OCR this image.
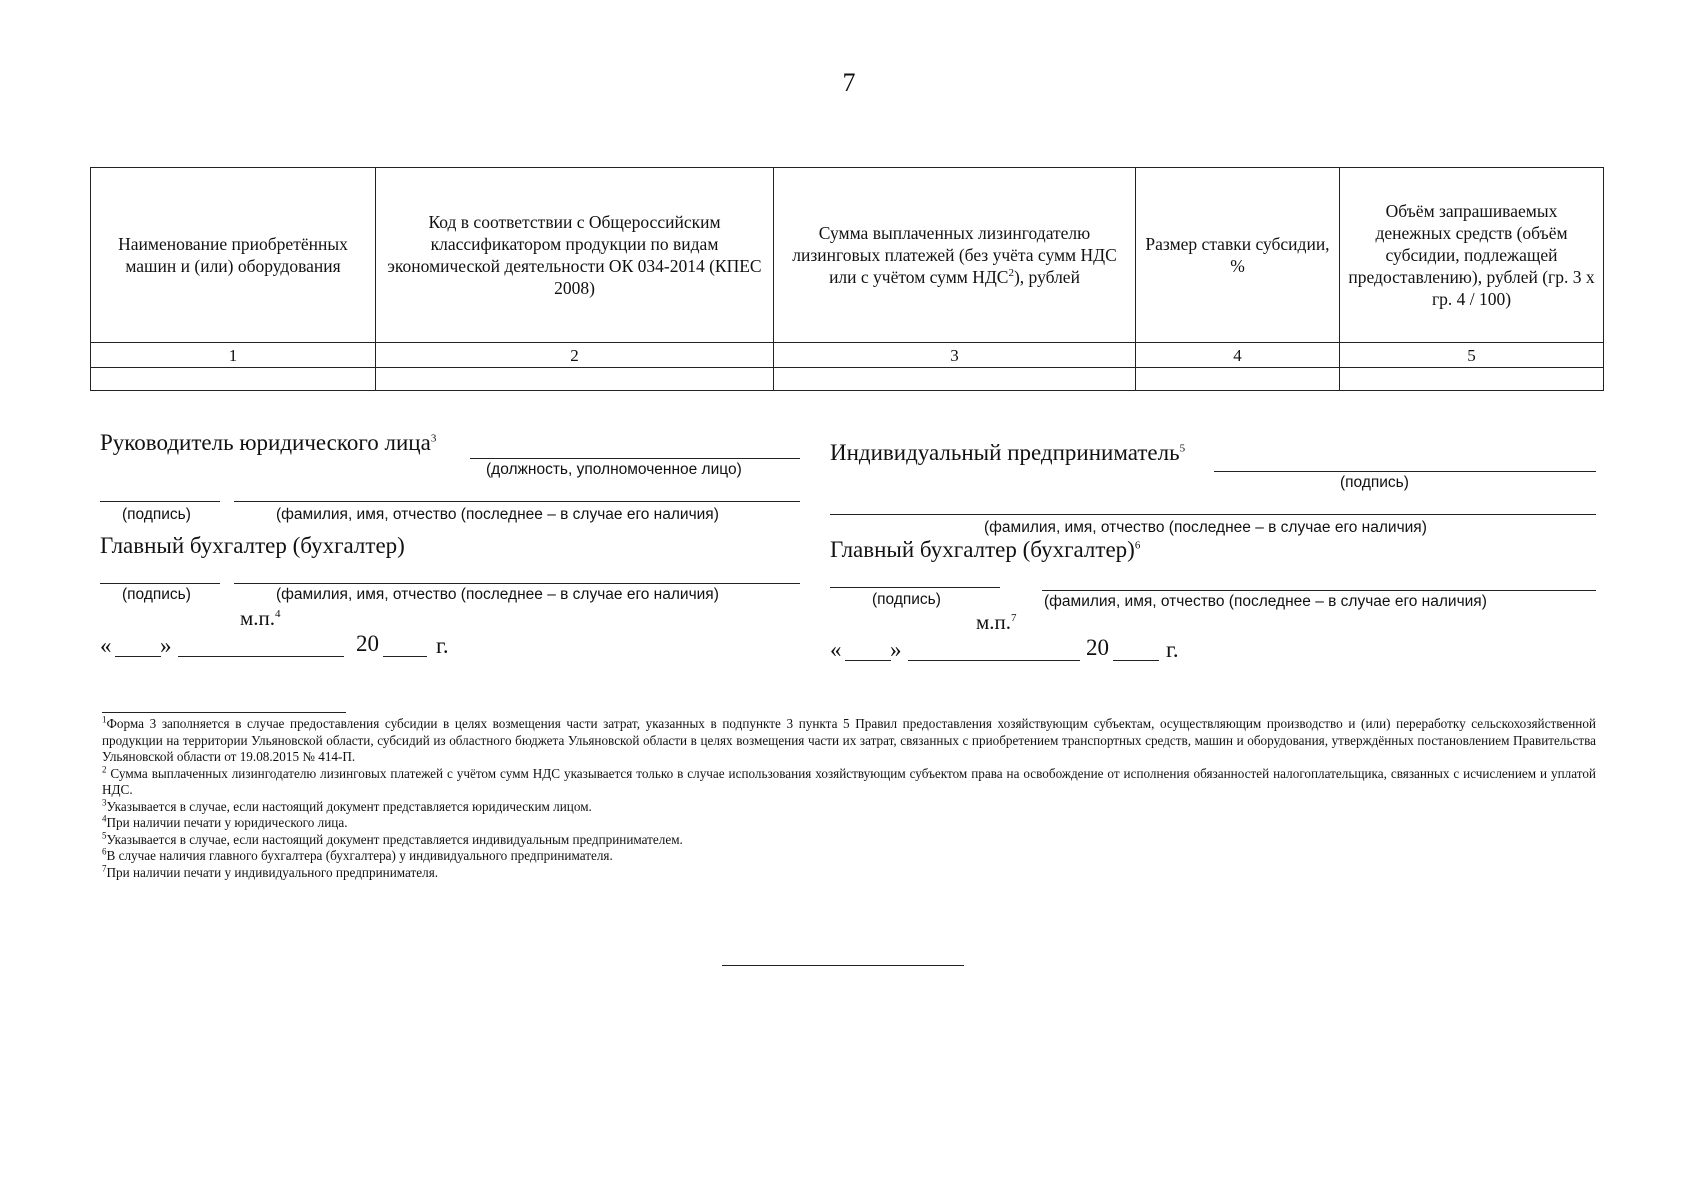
7
Наименование приобретённых машин и (или) оборудования	Код в соответствии с Общероссийским классификатором продукции по видам экономической деятельности ОК 034-2014 (КПЕС 2008)	Сумма выплаченных лизингодателю лизинговых платежей (без учёта сумм НДС или с учётом сумм НДС$^2$), рублей	Размер ставки субсидии, %	Объём запрашиваемых денежных средств (объём субсидии, подлежащей предоставлению), рублей (гр. 3 х гр. 4 / 100)
1	2	3	4	5

Руководитель юридического лица$^3$
(должность, уполномоченное лицо)
(подпись)	(фамилия, имя, отчество (последнее – в случае его наличия)
Главный бухгалтер (бухгалтер)
(подпись)	(фамилия, имя, отчество (последнее – в случае его наличия)
м.п.$^4$
« »	20 г.
Индивидуальный предприниматель$^5$
(подпись)
(фамилия, имя, отчество (последнее – в случае его наличия)
Главный бухгалтер (бухгалтер)$^6$
(подпись)	(фамилия, имя, отчество (последнее – в случае его наличия)
м.п.$^7$
« »	20 г.
$^1$Форма 3 заполняется в случае предоставления субсидии в целях возмещения части затрат, указанных в подпункте 3 пункта 5 Правил предоставления хозяйствующим субъектам, осуществляющим производство и (или) переработку сельскохозяйственной продукции на территории Ульяновской области, субсидий из областного бюджета Ульяновской области в целях возмещения части их затрат, связанных с приобретением транспортных средств, машин и оборудования, утверждённых постановлением Правительства Ульяновской области от 19.08.2015 № 414-П.
$^2$ Сумма выплаченных лизингодателю лизинговых платежей с учётом сумм НДС указывается только в случае использования хозяйствующим субъектом права на освобождение от исполнения обязанностей налогоплательщика, связанных с исчислением и уплатой НДС.
$^3$Указывается в случае, если настоящий документ представляется юридическим лицом.
$^4$При наличии печати у юридического лица.
$^5$Указывается в случае, если настоящий документ представляется индивидуальным предпринимателем.
$^6$В случае наличия главного бухгалтера (бухгалтера) у индивидуального предпринимателя.
$^7$При наличии печати у индивидуального предпринимателя.
